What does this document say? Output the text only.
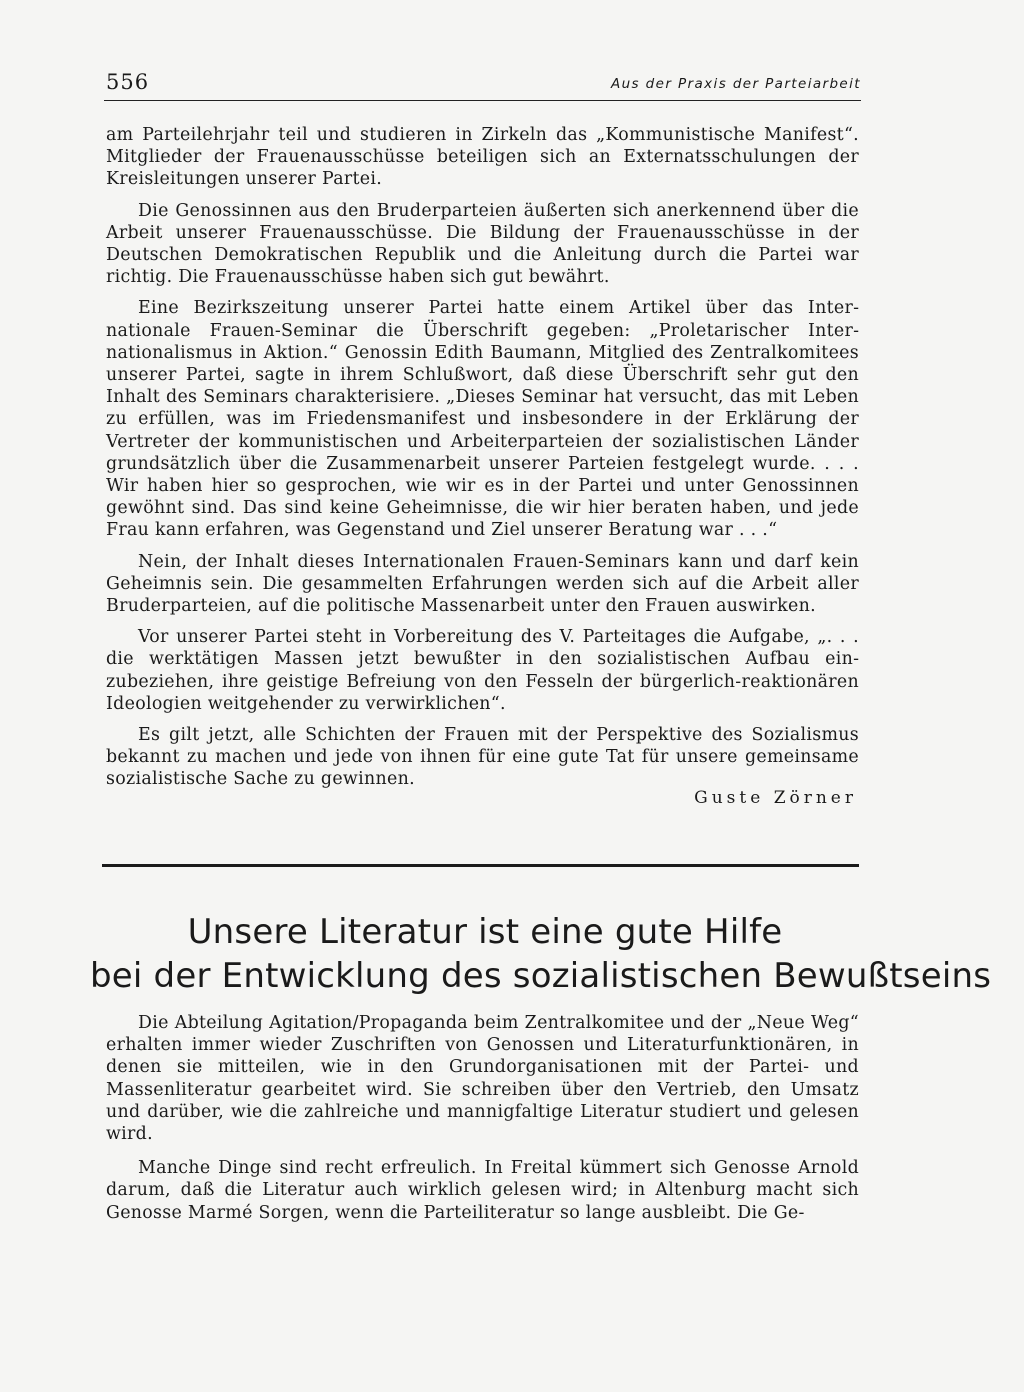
556	Aus der Praxis der Parteiarbeit

am Parteilehrjahr teil und studieren in Zirkeln das „Kommunistische Manifest“. Mitglieder der Frauenausschüsse beteiligen sich an Externatsschulungen der Kreisleitungen unserer Partei.

Die Genossinnen aus den Bruderparteien äußerten sich anerkennend über die Arbeit unserer Frauenausschüsse. Die Bildung der Frauenausschüsse in der Deutschen Demokratischen Republik und die Anleitung durch die Partei war richtig. Die Frauenausschüsse haben sich gut bewährt.

Eine Bezirkszeitung unserer Partei hatte einem Artikel über das Internationale Frauen-Seminar die Überschrift gegeben: „Proletarischer Internationalismus in Aktion.“ Genossin Edith Baumann, Mitglied des Zentralkomitees unserer Partei, sagte in ihrem Schlußwort, daß diese Überschrift sehr gut den Inhalt des Seminars charakterisiere. „Dieses Seminar hat versucht, das mit Leben zu erfüllen, was im Friedensmanifest und insbesondere in der Erklärung der Vertreter der kommunistischen und Arbeiterparteien der sozialistischen Länder grundsätzlich über die Zusammenarbeit unserer Parteien festgelegt wurde. . . . Wir haben hier so gesprochen, wie wir es in der Partei und unter Genossinnen gewöhnt sind. Das sind keine Geheimnisse, die wir hier beraten haben, und jede Frau kann erfahren, was Gegenstand und Ziel unserer Beratung war . . .“

Nein, der Inhalt dieses Internationalen Frauen-Seminars kann und darf kein Geheimnis sein. Die gesammelten Erfahrungen werden sich auf die Arbeit aller Bruderparteien, auf die politische Massenarbeit unter den Frauen auswirken.

Vor unserer Partei steht in Vorbereitung des V. Parteitages die Aufgabe, „. . . die werktätigen Massen jetzt bewußter in den sozialistischen Aufbau einzubeziehen, ihre geistige Befreiung von den Fesseln der bürgerlich-reaktionären Ideologien weitgehender zu verwirklichen“.

Es gilt jetzt, alle Schichten der Frauen mit der Perspektive des Sozialismus bekannt zu machen und jede von ihnen für eine gute Tat für unsere gemeinsame sozialistische Sache zu gewinnen.

Guste Zörner
Unsere Literatur ist eine gute Hilfe
bei der Entwicklung des sozialistischen Bewußtseins

Die Abteilung Agitation/Propaganda beim Zentralkomitee und der „Neue Weg“ erhalten immer wieder Zuschriften von Genossen und Literaturfunktionären, in denen sie mitteilen, wie in den Grundorganisationen mit der Partei- und Massenliteratur gearbeitet wird. Sie schreiben über den Vertrieb, den Umsatz und darüber, wie die zahlreiche und mannigfaltige Literatur studiert und gelesen wird.

Manche Dinge sind recht erfreulich. In Freital kümmert sich Genosse Arnold darum, daß die Literatur auch wirklich gelesen wird; in Altenburg macht sich Genosse Marmé Sorgen, wenn die Parteiliteratur so lange ausbleibt. Die Ge-
